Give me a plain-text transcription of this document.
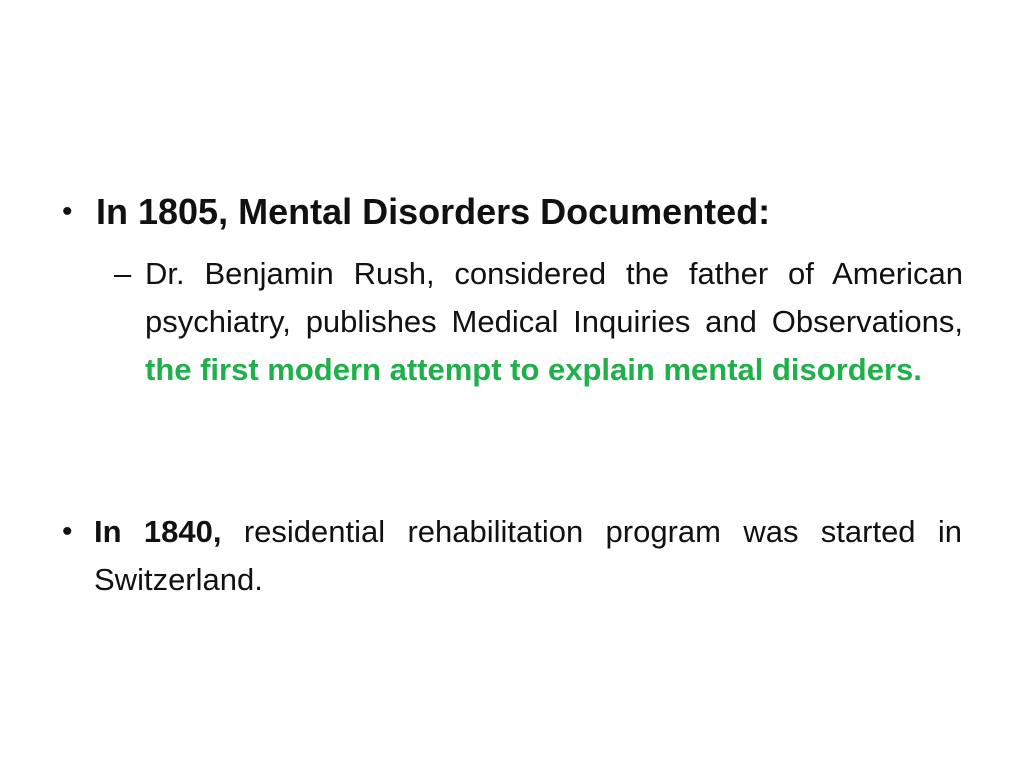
• In 1805, Mental Disorders Documented:
– Dr. Benjamin Rush, considered the father of American psychiatry, publishes Medical Inquiries and Observations, the first modern attempt to explain mental disorders.
• In 1840, residential rehabilitation program was started in Switzerland.
